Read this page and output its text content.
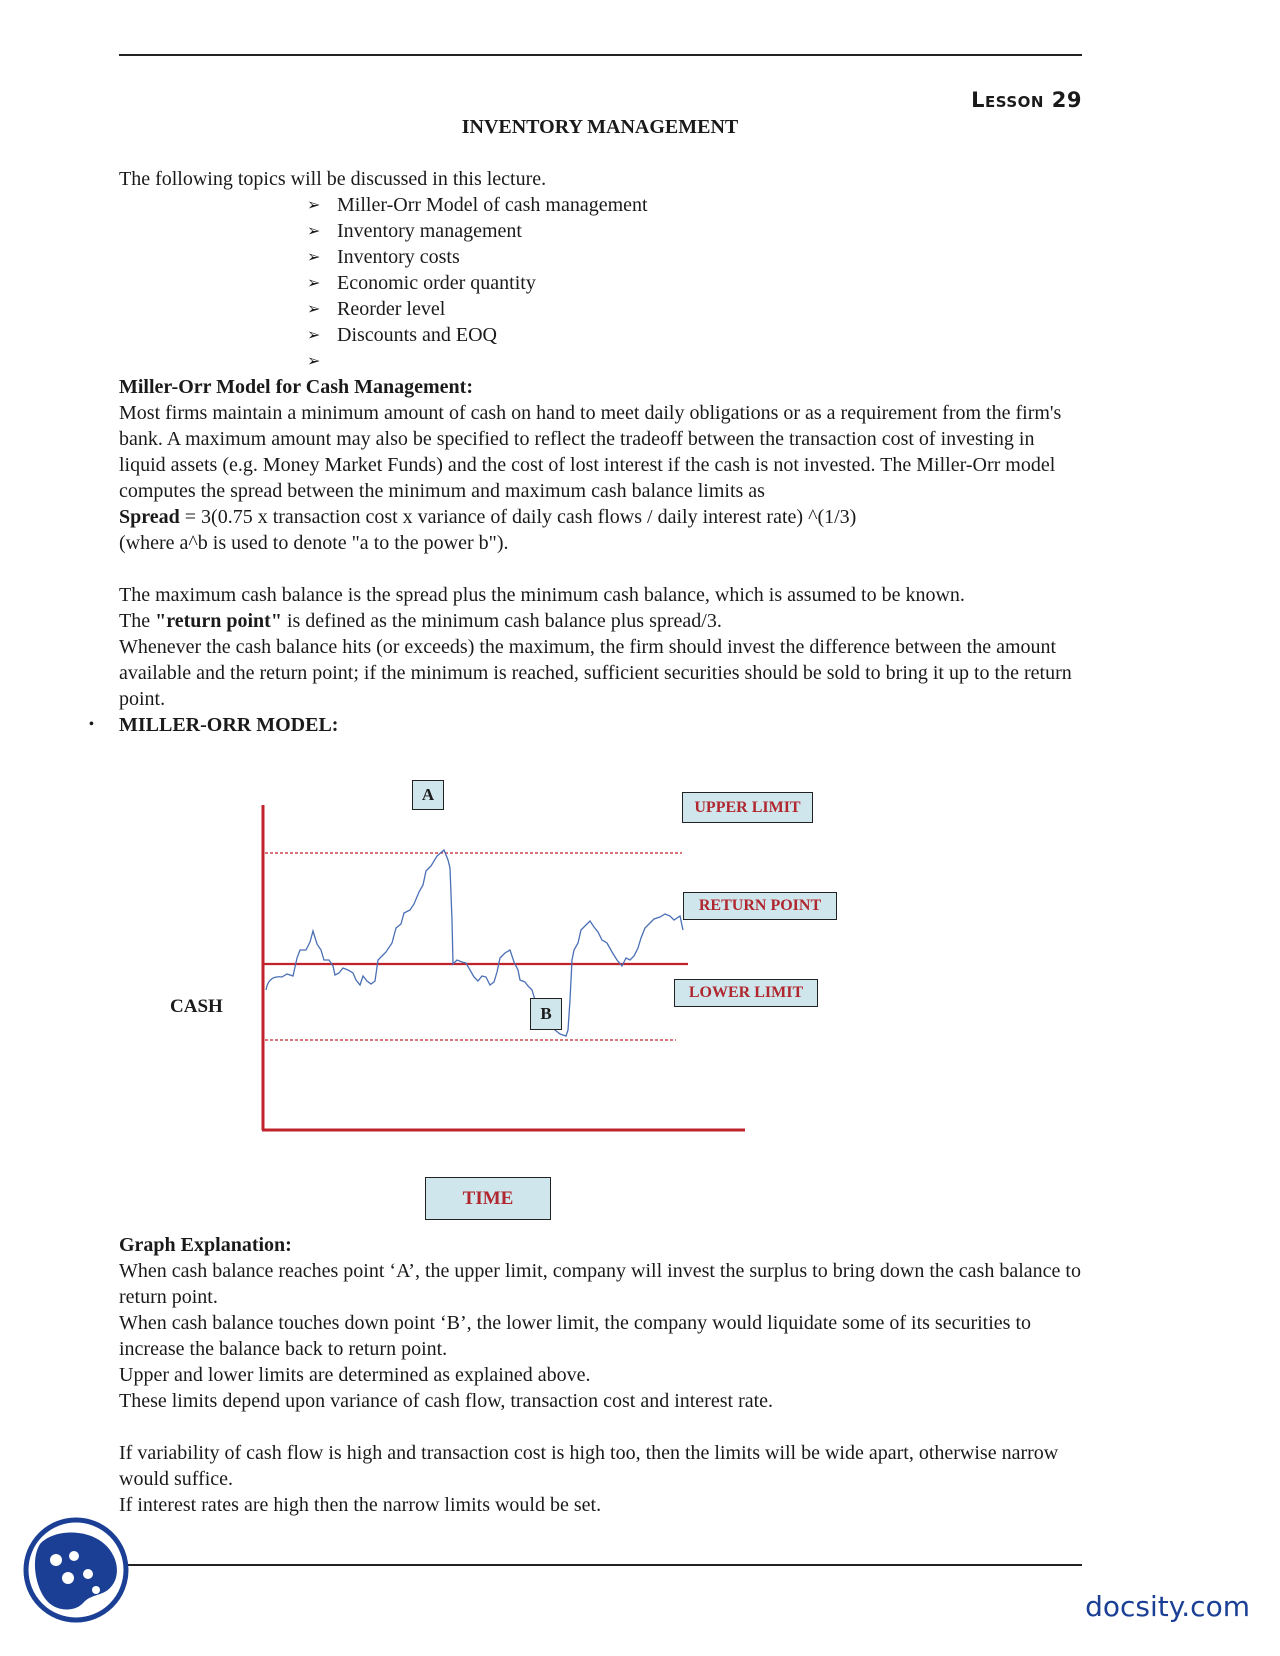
Lesson 29
INVENTORY MANAGEMENT

The following topics will be discussed in this lecture.

➢ Miller-Orr Model of cash management
➢ Inventory management
➢ Inventory costs
➢ Economic order quantity
➢ Reorder level
➢ Discounts and EOQ
➢

Miller-Orr Model for Cash Management:

Most firms maintain a minimum amount of cash on hand to meet daily obligations or as a requirement from the firm's bank. A maximum amount may also be specified to reflect the tradeoff between the transaction cost of investing in liquid assets (e.g. Money Market Funds) and the cost of lost interest if the cash is not invested. The Miller-Orr model computes the spread between the minimum and maximum cash balance limits as

Spread = 3(0.75 x transaction cost x variance of daily cash flows / daily interest rate) ^(1/3)

(where a^b is used to denote "a to the power b").

The maximum cash balance is the spread plus the minimum cash balance, which is assumed to be known.

The "return point" is defined as the minimum cash balance plus spread/3.

Whenever the cash balance hits (or exceeds) the maximum, the firm should invest the difference between the amount available and the return point; if the minimum is reached, sufficient securities should be sold to bring it up to the return point.

• MILLER-ORR MODEL:

CASH
A
B
UPPER LIMIT
RETURN POINT
LOWER LIMIT
TIME

Graph Explanation:

When cash balance reaches point ‘A’, the upper limit, company will invest the surplus to bring down the cash balance to return point.

When cash balance touches down point ‘B’, the lower limit, the company would liquidate some of its securities to increase the balance back to return point.

Upper and lower limits are determined as explained above.

These limits depend upon variance of cash flow, transaction cost and interest rate.

If variability of cash flow is high and transaction cost is high too, then the limits will be wide apart, otherwise narrow would suffice.

If interest rates are high then the narrow limits would be set.

docsity.com
